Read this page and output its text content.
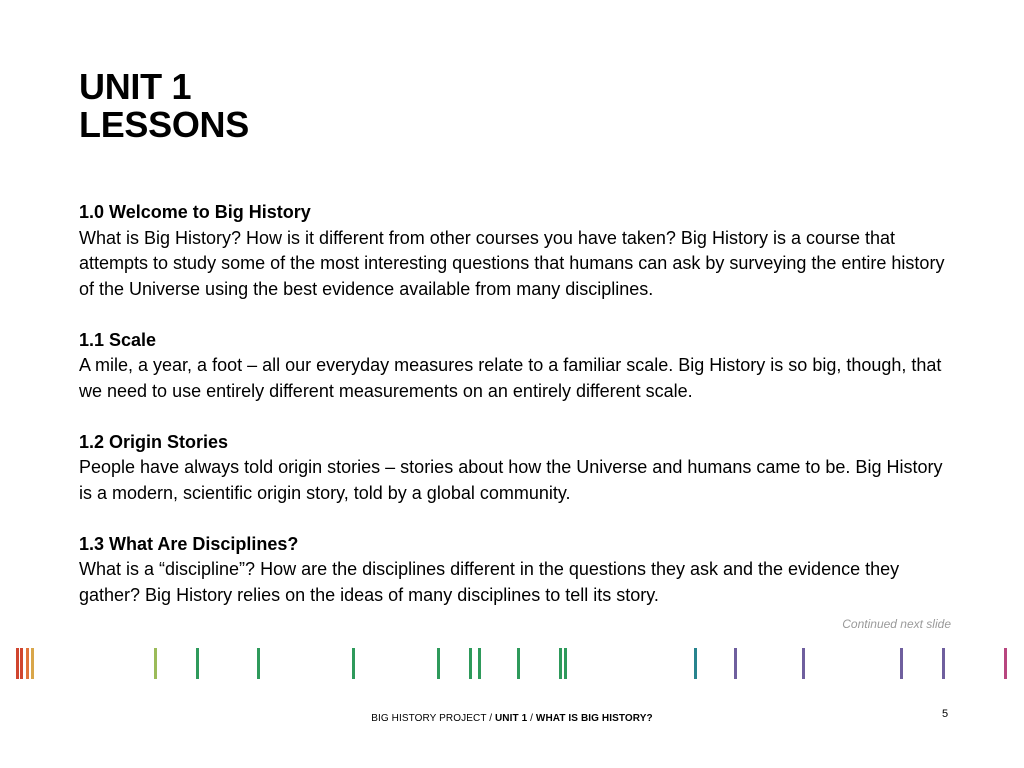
UNIT 1
LESSONS
1.0 Welcome to Big History
What is Big History? How is it different from other courses you have taken? Big History is a course that attempts to study some of the most interesting questions that humans can ask by surveying the entire history of the Universe using the best evidence available from many disciplines.
1.1 Scale
A mile, a year, a foot – all our everyday measures relate to a familiar scale. Big History is so big, though, that we need to use entirely different measurements on an entirely different scale.
1.2 Origin Stories
People have always told origin stories – stories about how the Universe and humans came to be. Big History is a modern, scientific origin story, told by a global community.
1.3 What Are Disciplines?
What is a “discipline”? How are the disciplines different in the questions they ask and the evidence they gather? Big History relies on the ideas of many disciplines to tell its story.
Continued next slide
BIG HISTORY PROJECT / UNIT 1 / WHAT IS BIG HISTORY?	5
